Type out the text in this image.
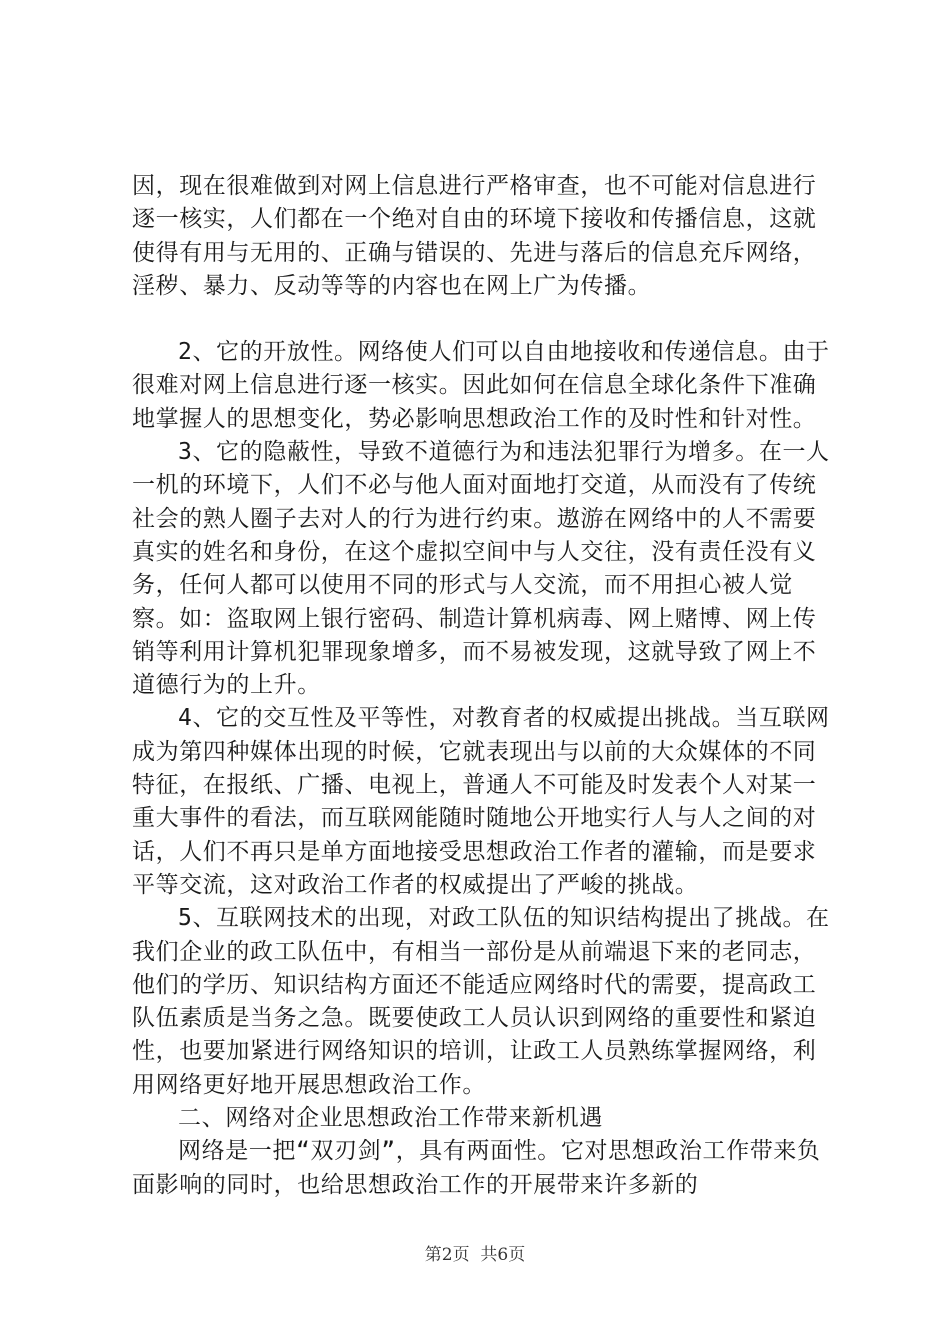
因，现在很难做到对网上信息进行严格审查，也不可能对信息进行逐一核实，人们都在一个绝对自由的环境下接收和传播信息，这就使得有用与无用的、正确与错误的、先进与落后的信息充斥网络，淫秽、暴力、反动等等的内容也在网上广为传播。

2、它的开放性。网络使人们可以自由地接收和传递信息。由于很难对网上信息进行逐一核实。因此如何在信息全球化条件下准确地掌握人的思想变化，势必影响思想政治工作的及时性和针对性。

3、它的隐蔽性，导致不道德行为和违法犯罪行为增多。在一人一机的环境下，人们不必与他人面对面地打交道，从而没有了传统社会的熟人圈子去对人的行为进行约束。遨游在网络中的人不需要真实的姓名和身份，在这个虚拟空间中与人交往，没有责任没有义务，任何人都可以使用不同的形式与人交流，而不用担心被人觉察。如：盗取网上银行密码、制造计算机病毒、网上赌博、网上传销等利用计算机犯罪现象增多，而不易被发现，这就导致了网上不道德行为的上升。

4、它的交互性及平等性，对教育者的权威提出挑战。当互联网成为第四种媒体出现的时候，它就表现出与以前的大众媒体的不同特征，在报纸、广播、电视上，普通人不可能及时发表个人对某一重大事件的看法，而互联网能随时随地公开地实行人与人之间的对话，人们不再只是单方面地接受思想政治工作者的灌输，而是要求平等交流，这对政治工作者的权威提出了严峻的挑战。

5、互联网技术的出现，对政工队伍的知识结构提出了挑战。在我们企业的政工队伍中，有相当一部份是从前端退下来的老同志，他们的学历、知识结构方面还不能适应网络时代的需要，提高政工队伍素质是当务之急。既要使政工人员认识到网络的重要性和紧迫性，也要加紧进行网络知识的培训，让政工人员熟练掌握网络，利用网络更好地开展思想政治工作。

二、网络对企业思想政治工作带来新机遇

网络是一把“双刃剑”，具有两面性。它对思想政治工作带来负面影响的同时，也给思想政治工作的开展带来许多新的

第2页  共6页
